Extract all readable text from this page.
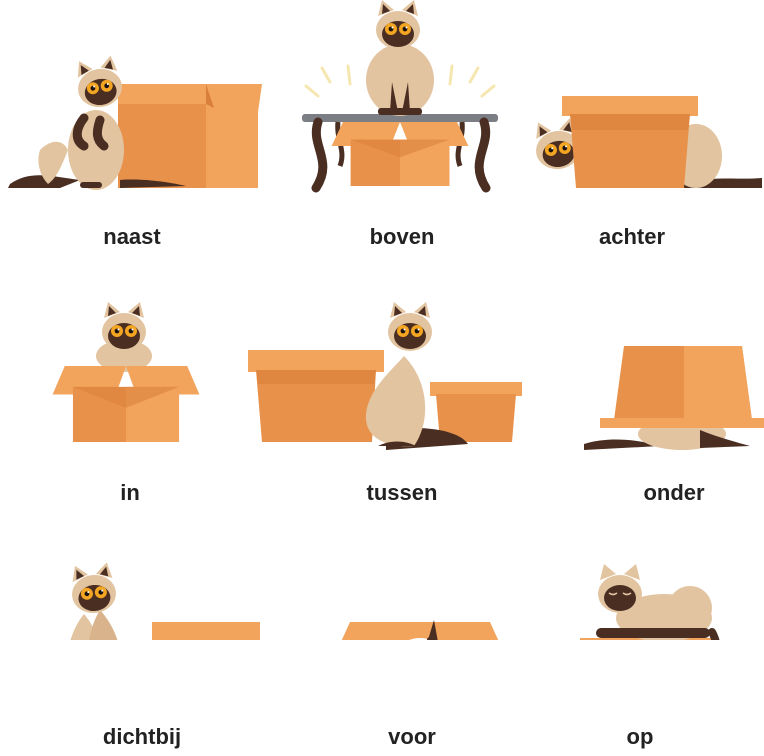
naast	boven	achter
in	tussen	onder
dichtbij	voor	op
